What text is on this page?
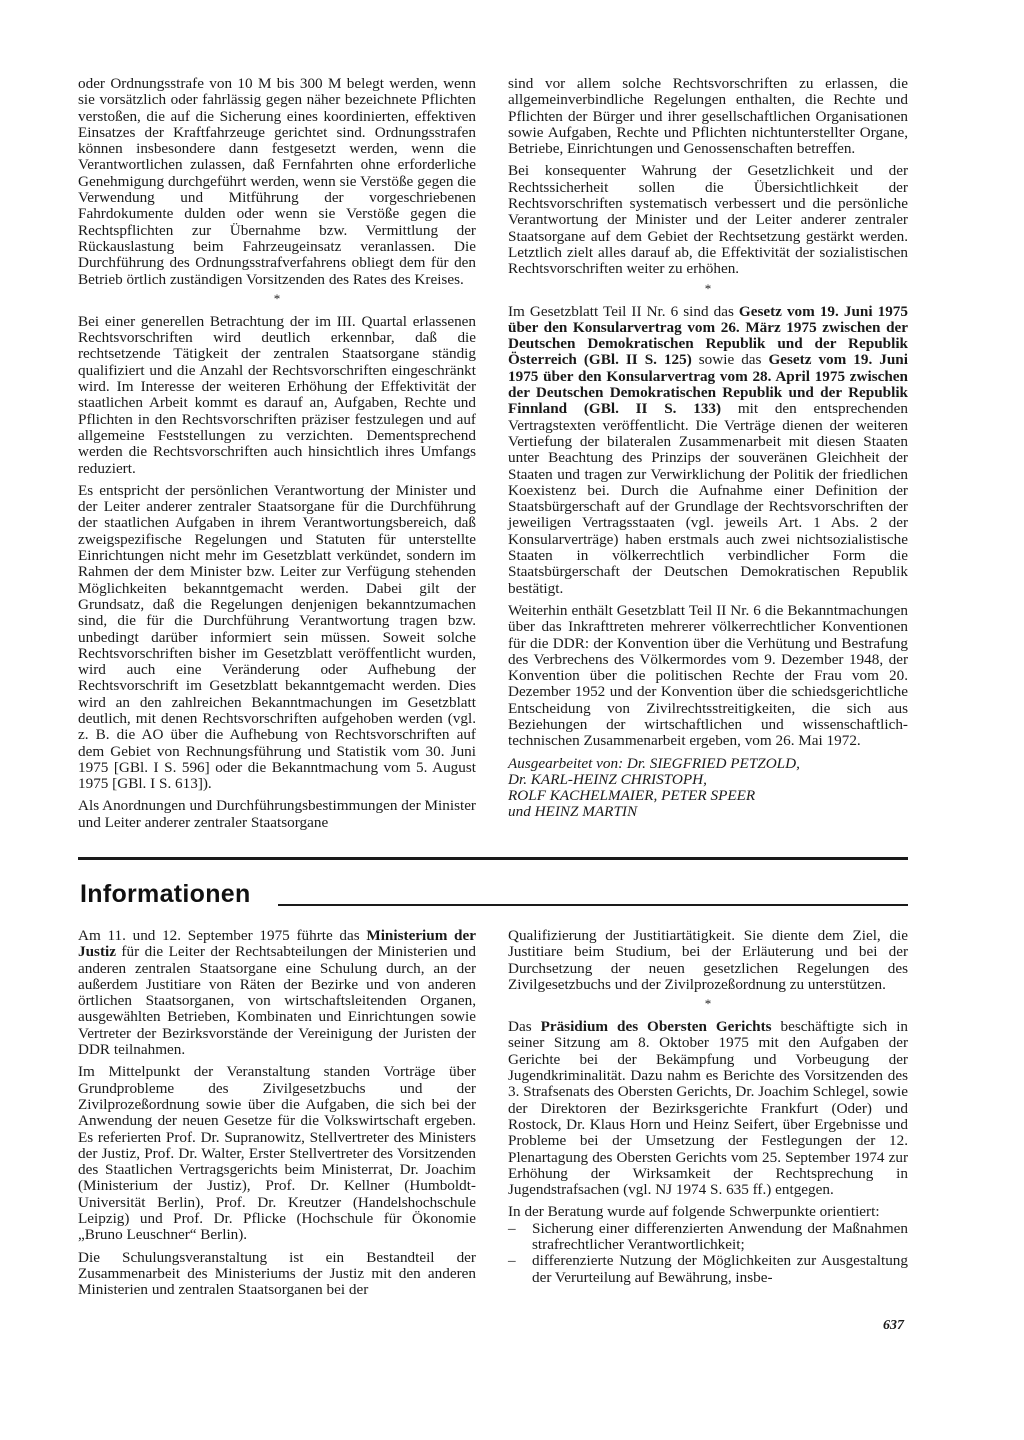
oder Ordnungsstrafe von 10 M bis 300 M belegt werden, wenn sie vorsätzlich oder fahrlässig gegen näher bezeichnete Pflichten verstoßen, die auf die Sicherung eines koordinierten, effektiven Einsatzes der Kraftfahrzeuge gerichtet sind. Ordnungsstrafen können insbesondere dann festgesetzt werden, wenn die Verantwortlichen zulassen, daß Fernfahrten ohne erforderliche Genehmigung durchgeführt werden, wenn sie Verstöße gegen die Verwendung und Mitführung der vorgeschriebenen Fahrdokumente dulden oder wenn sie Verstöße gegen die Rechtspflichten zur Übernahme bzw. Vermittlung der Rückauslastung beim Fahrzeugeinsatz veranlassen. Die Durchführung des Ordnungsstrafverfahrens obliegt dem für den Betrieb örtlich zuständigen Vorsitzenden des Rates des Kreises.

*

Bei einer generellen Betrachtung der im III. Quartal erlassenen Rechtsvorschriften wird deutlich erkennbar, daß die rechtsetzende Tätigkeit der zentralen Staatsorgane ständig qualifiziert und die Anzahl der Rechtsvorschriften eingeschränkt wird. Im Interesse der weiteren Erhöhung der Effektivität der staatlichen Arbeit kommt es darauf an, Aufgaben, Rechte und Pflichten in den Rechtsvorschriften präziser festzulegen und auf allgemeine Feststellungen zu verzichten. Dementsprechend werden die Rechtsvorschriften auch hinsichtlich ihres Umfangs reduziert.

Es entspricht der persönlichen Verantwortung der Minister und der Leiter anderer zentraler Staatsorgane für die Durchführung der staatlichen Aufgaben in ihrem Verantwortungsbereich, daß zweigspezifische Regelungen und Statuten für unterstellte Einrichtungen nicht mehr im Gesetzblatt verkündet, sondern im Rahmen der dem Minister bzw. Leiter zur Verfügung stehenden Möglichkeiten bekanntgemacht werden. Dabei gilt der Grundsatz, daß die Regelungen denjenigen bekanntzumachen sind, die für die Durchführung Verantwortung tragen bzw. unbedingt darüber informiert sein müssen. Soweit solche Rechtsvorschriften bisher im Gesetzblatt veröffentlicht wurden, wird auch eine Veränderung oder Aufhebung der Rechtsvorschrift im Gesetzblatt bekanntgemacht werden. Dies wird an den zahlreichen Bekanntmachungen im Gesetzblatt deutlich, mit denen Rechtsvorschriften aufgehoben werden (vgl. z. B. die AO über die Aufhebung von Rechtsvorschriften auf dem Gebiet von Rechnungsführung und Statistik vom 30. Juni 1975 [GBl. I S. 596] oder die Bekanntmachung vom 5. August 1975 [GBl. I S. 613]).

Als Anordnungen und Durchführungsbestimmungen der Minister und Leiter anderer zentraler Staatsorgane

sind vor allem solche Rechtsvorschriften zu erlassen, die allgemeinverbindliche Regelungen enthalten, die Rechte und Pflichten der Bürger und ihrer gesellschaftlichen Organisationen sowie Aufgaben, Rechte und Pflichten nichtunterstellter Organe, Betriebe, Einrichtungen und Genossenschaften betreffen.

Bei konsequenter Wahrung der Gesetzlichkeit und der Rechtssicherheit sollen die Übersichtlichkeit der Rechtsvorschriften systematisch verbessert und die persönliche Verantwortung der Minister und der Leiter anderer zentraler Staatsorgane auf dem Gebiet der Rechtsetzung gestärkt werden. Letztlich zielt alles darauf ab, die Effektivität der sozialistischen Rechtsvorschriften weiter zu erhöhen.

*

Im Gesetzblatt Teil II Nr. 6 sind das Gesetz vom 19. Juni 1975 über den Konsularvertrag vom 26. März 1975 zwischen der Deutschen Demokratischen Republik und der Republik Österreich (GBl. II S. 125) sowie das Gesetz vom 19. Juni 1975 über den Konsularvertrag vom 28. April 1975 zwischen der Deutschen Demokratischen Republik und der Republik Finnland (GBl. II S. 133) mit den entsprechenden Vertragstexten veröffentlicht. Die Verträge dienen der weiteren Vertiefung der bilateralen Zusammenarbeit mit diesen Staaten unter Beachtung des Prinzips der souveränen Gleichheit der Staaten und tragen zur Verwirklichung der Politik der friedlichen Koexistenz bei. Durch die Aufnahme einer Definition der Staatsbürgerschaft auf der Grundlage der Rechtsvorschriften der jeweiligen Vertragsstaaten (vgl. jeweils Art. 1 Abs. 2 der Konsularverträge) haben erstmals auch zwei nichtsozialistische Staaten in völkerrechtlich verbindlicher Form die Staatsbürgerschaft der Deutschen Demokratischen Republik bestätigt.

Weiterhin enthält Gesetzblatt Teil II Nr. 6 die Bekanntmachungen über das Inkrafttreten mehrerer völkerrechtlicher Konventionen für die DDR: der Konvention über die Verhütung und Bestrafung des Verbrechens des Völkermordes vom 9. Dezember 1948, der Konvention über die politischen Rechte der Frau vom 20. Dezember 1952 und der Konvention über die schiedsgerichtliche Entscheidung von Zivilrechtsstreitigkeiten, die sich aus Beziehungen der wirtschaftlichen und wissenschaftlich-technischen Zusammenarbeit ergeben, vom 26. Mai 1972.

Ausgearbeitet von: Dr. SIEGFRIED PETZOLD,
Dr. KARL-HEINZ CHRISTOPH,
ROLF KACHELMAIER, PETER SPEER
und HEINZ MARTIN
Informationen

Am 11. und 12. September 1975 führte das Ministerium der Justiz für die Leiter der Rechtsabteilungen der Ministerien und anderen zentralen Staatsorgane eine Schulung durch, an der außerdem Justitiare von Räten der Bezirke und von anderen örtlichen Staatsorganen, von wirtschaftsleitenden Organen, ausgewählten Betrieben, Kombinaten und Einrichtungen sowie Vertreter der Bezirksvorstände der Vereinigung der Juristen der DDR teilnahmen.

Im Mittelpunkt der Veranstaltung standen Vorträge über Grundprobleme des Zivilgesetzbuchs und der Zivilprozeßordnung sowie über die Aufgaben, die sich bei der Anwendung der neuen Gesetze für die Volkswirtschaft ergeben. Es referierten Prof. Dr. Supranowitz, Stellvertreter des Ministers der Justiz, Prof. Dr. Walter, Erster Stellvertreter des Vorsitzenden des Staatlichen Vertragsgerichts beim Ministerrat, Dr. Joachim (Ministerium der Justiz), Prof. Dr. Kellner (Humboldt-Universität Berlin), Prof. Dr. Kreutzer (Handelshochschule Leipzig) und Prof. Dr. Pflicke (Hochschule für Ökonomie „Bruno Leuschner“ Berlin).

Die Schulungsveranstaltung ist ein Bestandteil der Zusammenarbeit des Ministeriums der Justiz mit den anderen Ministerien und zentralen Staatsorganen bei der

Qualifizierung der Justitiartätigkeit. Sie diente dem Ziel, die Justitiare beim Studium, bei der Erläuterung und bei der Durchsetzung der neuen gesetzlichen Regelungen des Zivilgesetzbuchs und der Zivilprozeßordnung zu unterstützen.

*

Das Präsidium des Obersten Gerichts beschäftigte sich in seiner Sitzung am 8. Oktober 1975 mit den Aufgaben der Gerichte bei der Bekämpfung und Vorbeugung der Jugendkriminalität. Dazu nahm es Berichte des Vorsitzenden des 3. Strafsenats des Obersten Gerichts, Dr. Joachim Schlegel, sowie der Direktoren der Bezirksgerichte Frankfurt (Oder) und Rostock, Dr. Klaus Horn und Heinz Seifert, über Ergebnisse und Probleme bei der Umsetzung der Festlegungen der 12. Plenartagung des Obersten Gerichts vom 25. September 1974 zur Erhöhung der Wirksamkeit der Rechtsprechung in Jugendstrafsachen (vgl. NJ 1974 S. 635 ff.) entgegen.

In der Beratung wurde auf folgende Schwerpunkte orientiert:

– Sicherung einer differenzierten Anwendung der Maßnahmen strafrechtlicher Verantwortlichkeit;
– differenzierte Nutzung der Möglichkeiten zur Ausgestaltung der Verurteilung auf Bewährung, insbe-
637
